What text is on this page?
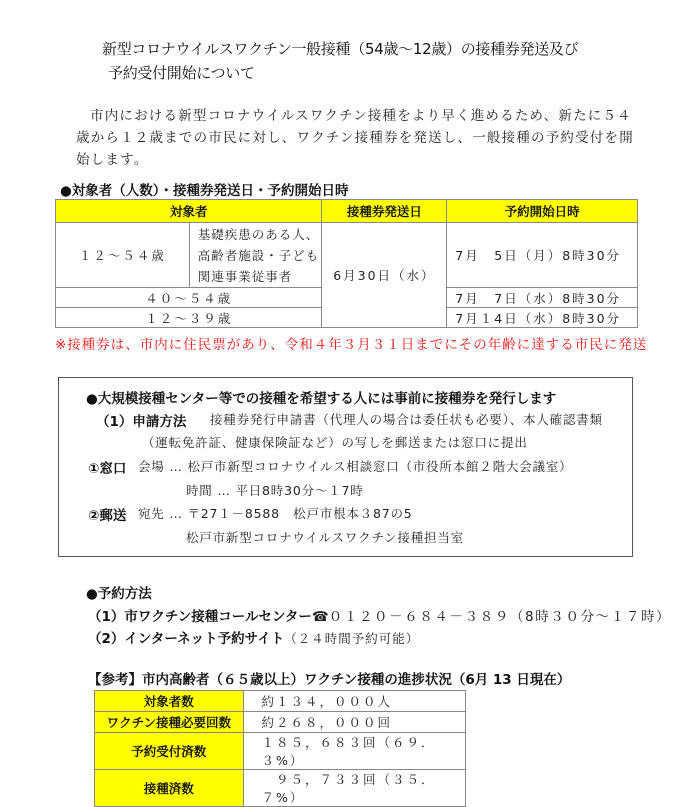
新型コロナウイルスワクチン一般接種（54歳～12歳）の接種券発送及び
予約受付開始について
市内における新型コロナウイルスワクチン接種をより早く進めるため、新たに５４
歳から１２歳までの市民に対し、ワクチン接種券を発送し、一般接種の予約受付を開
始します。
●対象者（人数）・接種券発送日・予約開始日時
対象者		接種券発送日	予約開始日時
１２～５４歳	基礎疾患のある人、
高齢者施設・子ども
関連事業従事者	6月30日（水）	7月　5日（月）8時30分
４０～５４歳			7月　7日（水）8時30分
１２～３９歳			7月１4日（水）8時30分
※接種券は、市内に住民票があり、令和４年３月３１日までにその年齢に達する市民に発送
●大規模接種センター等での接種を希望する人には事前に接種券を発行します
（1）申請方法 接種券発行申請書（代理人の場合は委任状も必要）、本人確認書類
（運転免許証、健康保険証など）の写しを郵送または窓口に提出
①窓口 会場 … 松戸市新型コロナウイルス相談窓口（市役所本館２階大会議室）
時間 … 平日8時30分～１7時
②郵送 宛先 … 〒27１－8588　松戸市根本３87の5
松戸市新型コロナウイルスワクチン接種担当室
●予約方法
（1）市ワクチン接種コールセンター☎０１２０－６８４－３８９（8時３０分～１７時）
（2）インターネット予約サイト（２４時間予約可能）
【参考】市内高齢者（６５歳以上）ワクチン接種の進捗状況（6月 13 日現在）
対象者数	約１３４，０００人
ワクチン接種必要回数	約２６８，０００回
予約受付済数	１８５，６８３回（６９．３%）
接種済数	　９５，７３３回（３５．７%）
